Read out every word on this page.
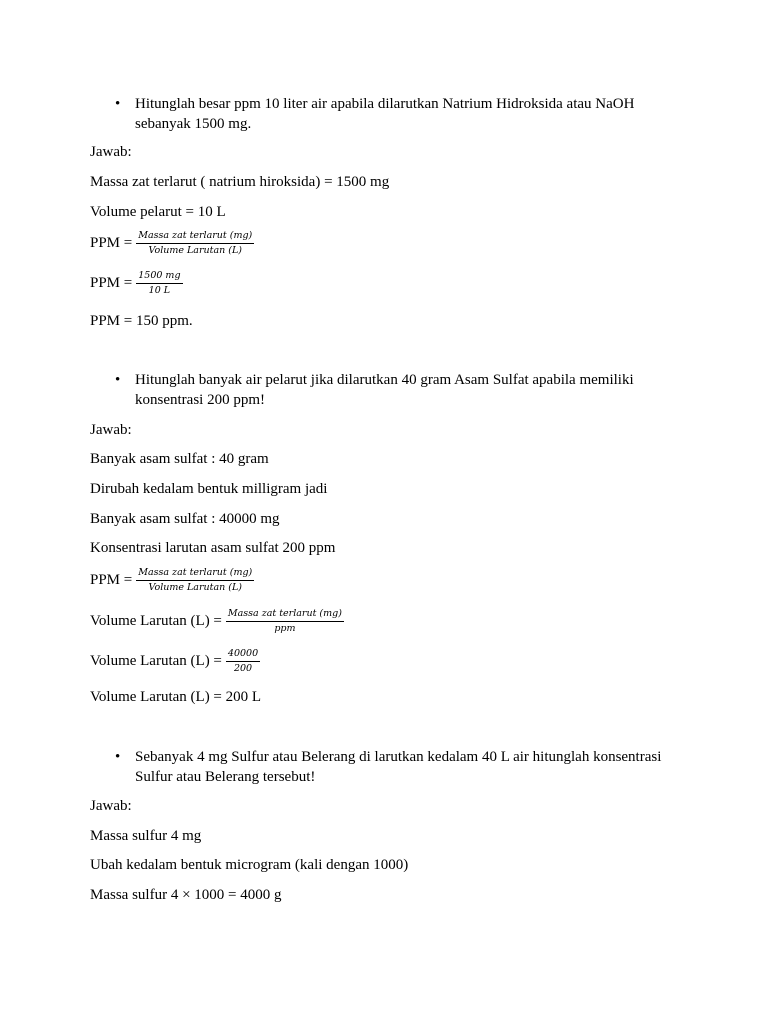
• Hitunglah besar ppm 10 liter air apabila dilarutkan Natrium Hidroksida atau NaOH sebanyak 1500 mg.
Jawab:
Massa zat terlarut ( natrium hiroksida) = 1500 mg
Volume pelarut = 10 L
PPM = $\frac{\text{Massa zat terlarut (mg)}}{\text{Volume Larutan (L)}}$
PPM = $\frac{1500 mg}{10 L}$
PPM = 150 ppm.
• Hitunglah banyak air pelarut jika dilarutkan 40 gram Asam Sulfat apabila memiliki konsentrasi 200 ppm!
Jawab:
Banyak asam sulfat : 40 gram
Dirubah kedalam bentuk milligram jadi
Banyak asam sulfat : 40000 mg
Konsentrasi larutan asam sulfat 200 ppm
PPM = $\frac{\text{Massa zat terlarut (mg)}}{\text{Volume Larutan (L)}}$
Volume Larutan $(L) = \frac{\text{Massa zat terlarut (mg)}}{\text{ppm}}$
Volume Larutan $(L) = \frac{40000}{200}$
Volume Larutan (L) = 200 L
• Sebanyak 4 mg Sulfur atau Belerang di larutkan kedalam 40 L air hitunglah konsentrasi Sulfur atau Belerang tersebut!
Jawab:
Massa sulfur 4 mg
Ubah kedalam bentuk microgram (kali dengan 1000)
Massa sulfur 4 × 1000 = 4000 g
